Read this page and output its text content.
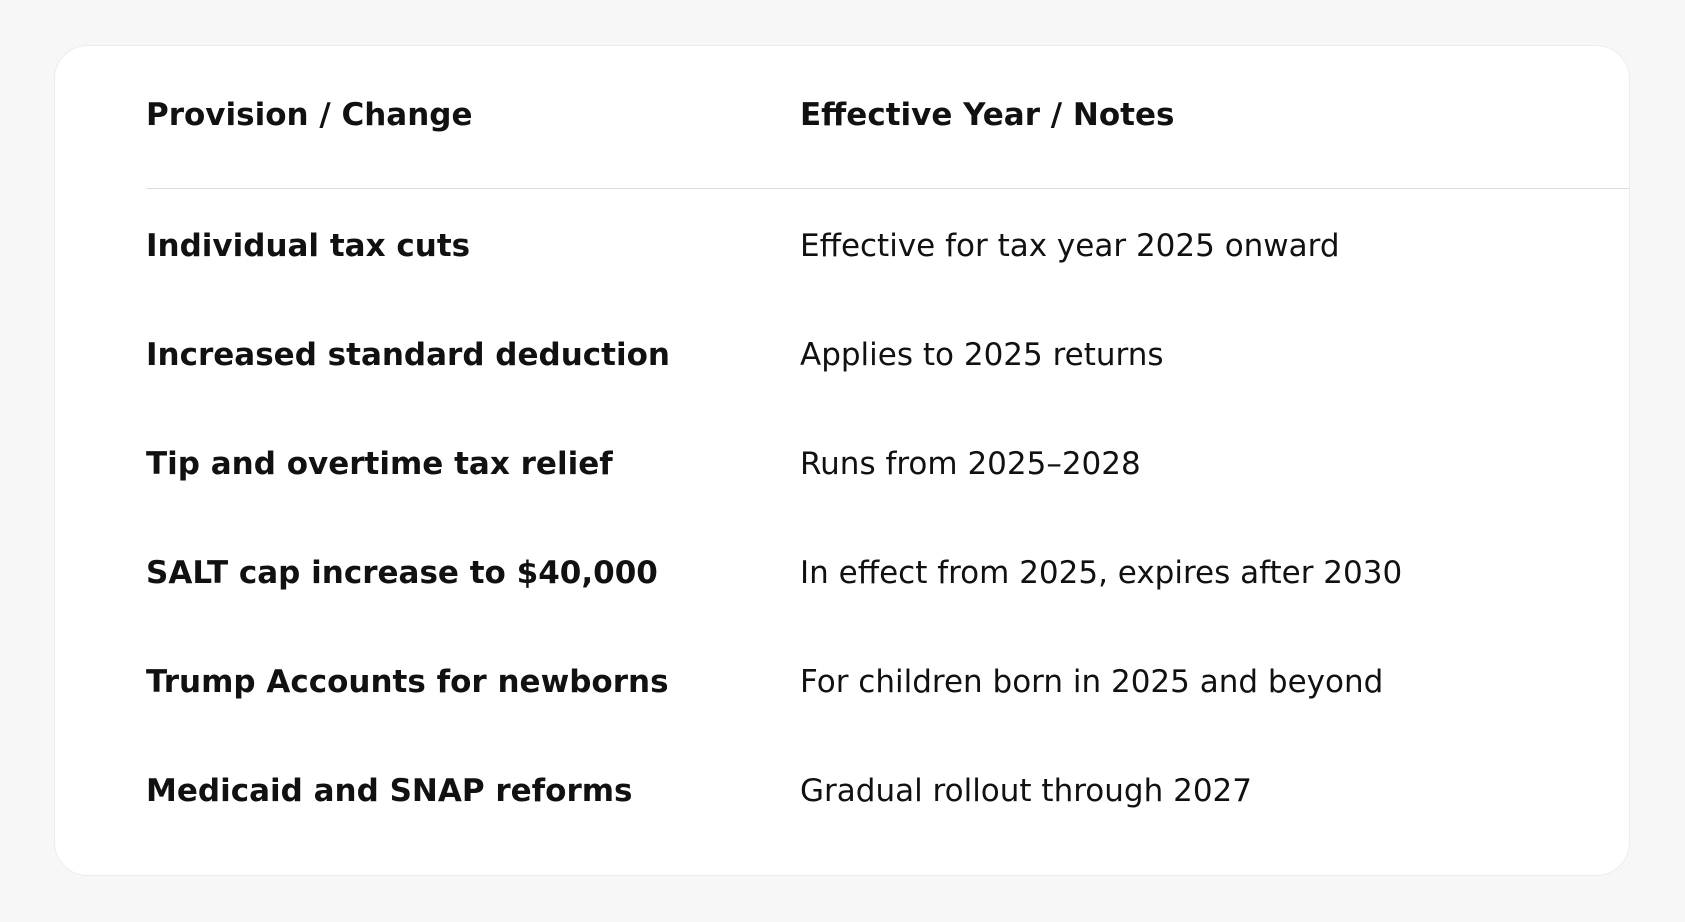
Provision / Change	Effective Year / Notes
Individual tax cuts	Effective for tax year 2025 onward
Increased standard deduction	Applies to 2025 returns
Tip and overtime tax relief	Runs from 2025–2028
SALT cap increase to $40,000	In effect from 2025, expires after 2030
Trump Accounts for newborns	For children born in 2025 and beyond
Medicaid and SNAP reforms	Gradual rollout through 2027
